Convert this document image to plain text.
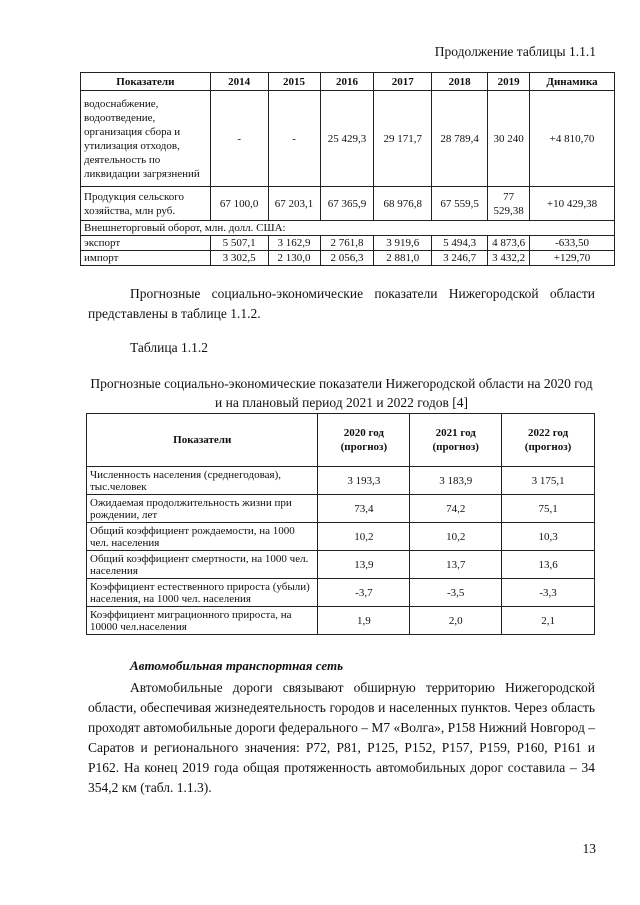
Продолжение таблицы 1.1.1
Показатели	2014	2015	2016	2017	2018	2019	Динамика
водоснабжение, водоотведение, организация сбора и утилизация отходов, деятельность по ликвидации загрязнений	-	-	25 429,3	29 171,7	28 789,4	30 240	+4 810,70
Продукция сельского хозяйства, млн руб.	67 100,0	67 203,1	67 365,9	68 976,8	67 559,5	77 529,38	+10 429,38
Внешнеторговый оборот, млн. долл. США:							
экспорт	5 507,1	3 162,9	2 761,8	3 919,6	5 494,3	4 873,6	-633,50
импорт	3 302,5	2 130,0	2 056,3	2 881,0	3 246,7	3 432,2	+129,70
Прогнозные социально-экономические показатели Нижегородской области представлены в таблице 1.1.2.
Таблица 1.1.2
Прогнозные социально-экономические показатели Нижегородской области на 2020 год и на плановый период 2021 и 2022 годов [4]
Показатели	2020 год (прогноз)	2021 год (прогноз)	2022 год (прогноз)
Численность населения (среднегодовая), тыс.человек	3 193,3	3 183,9	3 175,1
Ожидаемая продолжительность жизни при рождении, лет	73,4	74,2	75,1
Общий коэффициент рождаемости, на 1000 чел. населения	10,2	10,2	10,3
Общий коэффициент смертности, на 1000 чел. населения	13,9	13,7	13,6
Коэффициент естественного прироста (убыли) населения, на 1000 чел. населения	-3,7	-3,5	-3,3
Коэффициент миграционного прироста, на 10000 чел.населения	1,9	2,0	2,1
Автомобильная транспортная сеть
Автомобильные дороги связывают обширную территорию Нижегородской области, обеспечивая жизнедеятельность городов и населенных пунктов. Через область проходят автомобильные дороги федерального – М7 «Волга», Р158 Нижний Новгород – Саратов и регионального значения: Р72, Р81, Р125, Р152, Р157, Р159, Р160, Р161 и Р162. На конец 2019 года общая протяженность автомобильных дорог составила – 34 354,2 км (табл. 1.1.3).
13
